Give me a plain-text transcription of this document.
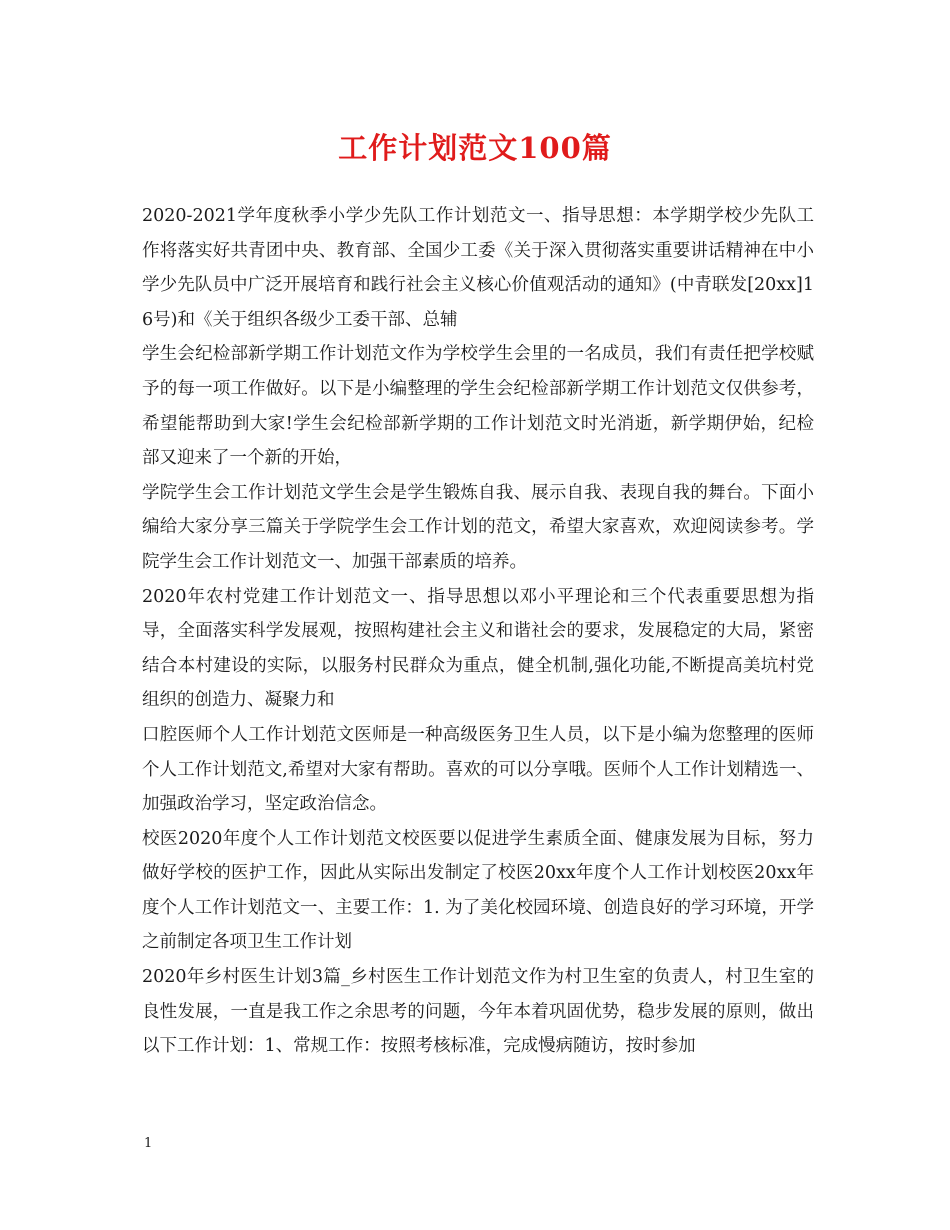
工作计划范文100篇

2020-2021学年度秋季小学少先队工作计划范文一、指导思想：本学期学校少先队工作将落实好共青团中央、教育部、全国少工委《关于深入贯彻落实重要讲话精神在中小学少先队员中广泛开展培育和践行社会主义核心价值观活动的通知》(中青联发[20xx]16号)和《关于组织各级少工委干部、总辅

学生会纪检部新学期工作计划范文作为学校学生会里的一名成员，我们有责任把学校赋予的每一项工作做好。以下是小编整理的学生会纪检部新学期工作计划范文仅供参考，希望能帮助到大家!学生会纪检部新学期的工作计划范文时光消逝，新学期伊始，纪检部又迎来了一个新的开始，

学院学生会工作计划范文学生会是学生锻炼自我、展示自我、表现自我的舞台。下面小编给大家分享三篇关于学院学生会工作计划的范文，希望大家喜欢，欢迎阅读参考。学院学生会工作计划范文一、加强干部素质的培养。

2020年农村党建工作计划范文一、指导思想以邓小平理论和三个代表重要思想为指导，全面落实科学发展观，按照构建社会主义和谐社会的要求，发展稳定的大局，紧密结合本村建设的实际，以服务村民群众为重点，健全机制,强化功能,不断提高美坑村党组织的创造力、凝聚力和

口腔医师个人工作计划范文医师是一种高级医务卫生人员，以下是小编为您整理的医师个人工作计划范文,希望对大家有帮助。喜欢的可以分享哦。医师个人工作计划精选一、加强政治学习，坚定政治信念。

校医2020年度个人工作计划范文校医要以促进学生素质全面、健康发展为目标，努力做好学校的医护工作，因此从实际出发制定了校医20xx年度个人工作计划校医20xx年度个人工作计划范文一、主要工作：1. 为了美化校园环境、创造良好的学习环境，开学之前制定各项卫生工作计划

2020年乡村医生计划3篇_乡村医生工作计划范文作为村卫生室的负责人，村卫生室的良性发展，一直是我工作之余思考的问题，今年本着巩固优势，稳步发展的原则，做出以下工作计划：1、常规工作：按照考核标准，完成慢病随访，按时参加

1
